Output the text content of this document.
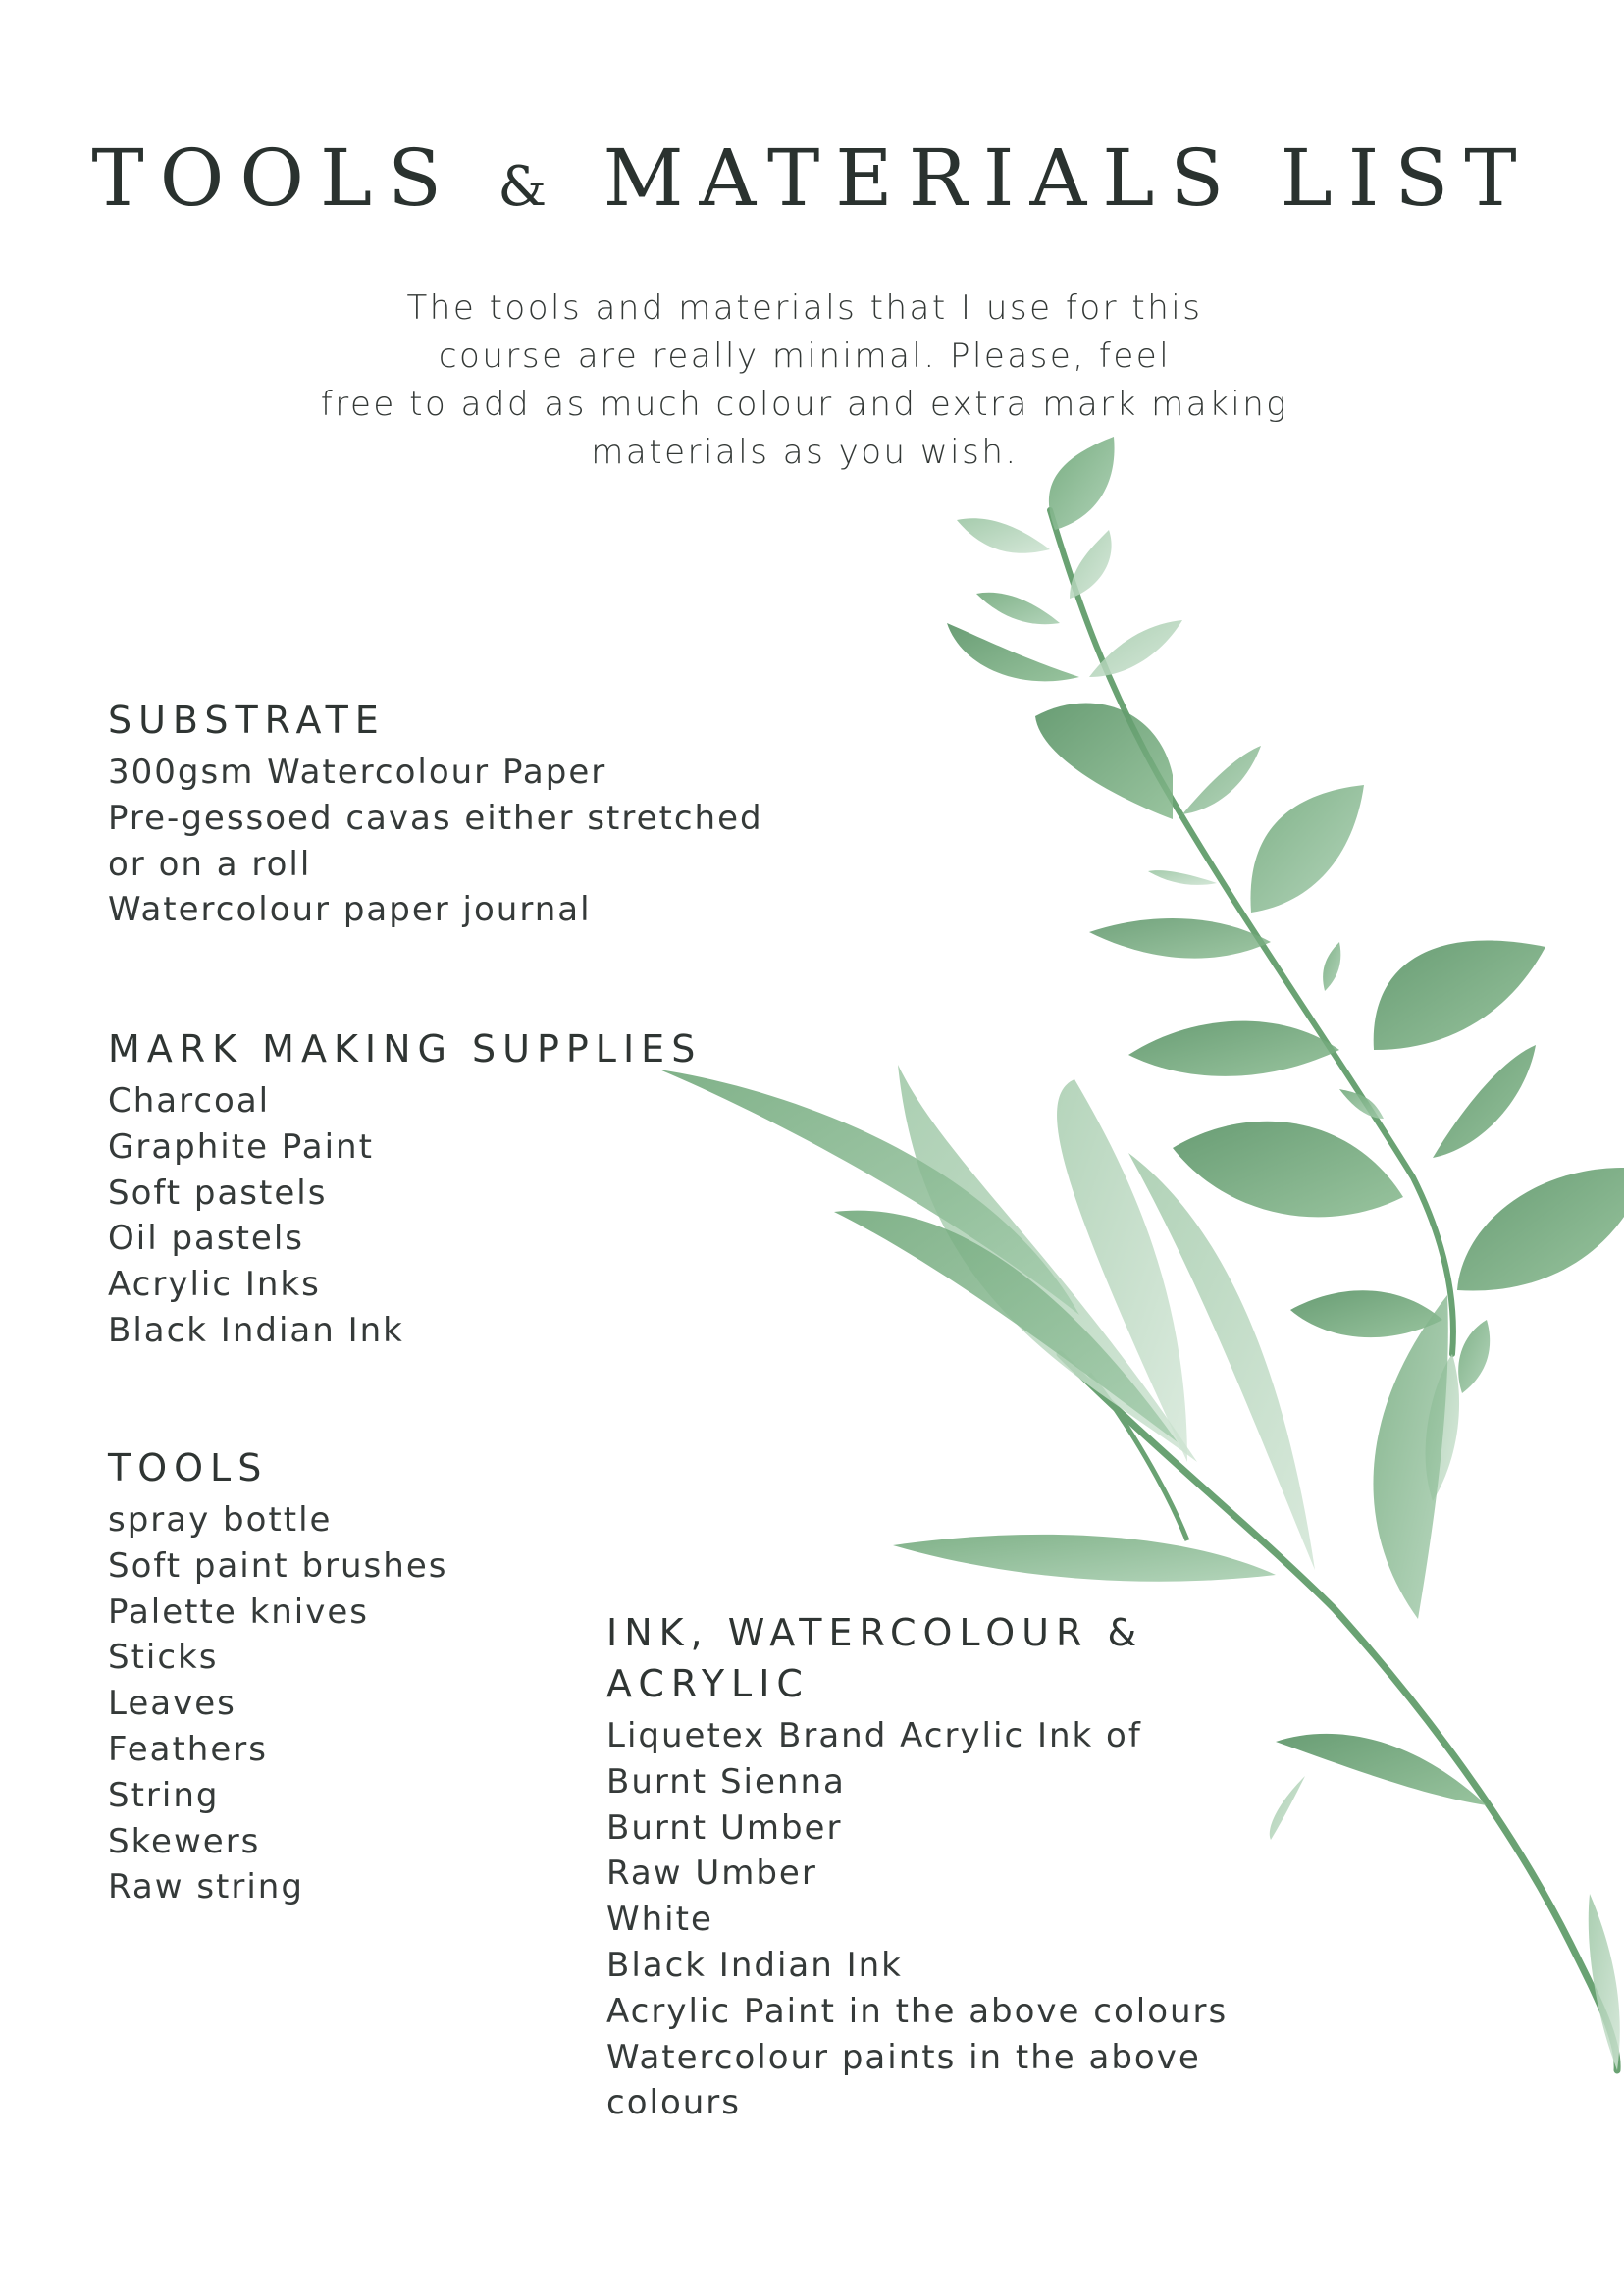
TOOLS & MATERIALS LIST
The tools and materials that I use for this
course are really minimal. Please, feel
free to add as much colour and extra mark making
materials as you wish.
SUBSTRATE
300gsm Watercolour Paper
Pre-gessoed cavas either stretched
or on a roll
Watercolour paper journal
MARK MAKING SUPPLIES
Charcoal
Graphite Paint
Soft pastels
Oil pastels
Acrylic Inks
Black Indian Ink
TOOLS
spray bottle
Soft paint brushes
Palette knives
Sticks
Leaves
Feathers
String
Skewers
Raw string
INK, WATERCOLOUR &
ACRYLIC
Liquetex Brand Acrylic Ink of
Burnt Sienna
Burnt Umber
Raw Umber
White
Black Indian Ink
Acrylic Paint in the above colours
Watercolour paints in the above
colours
